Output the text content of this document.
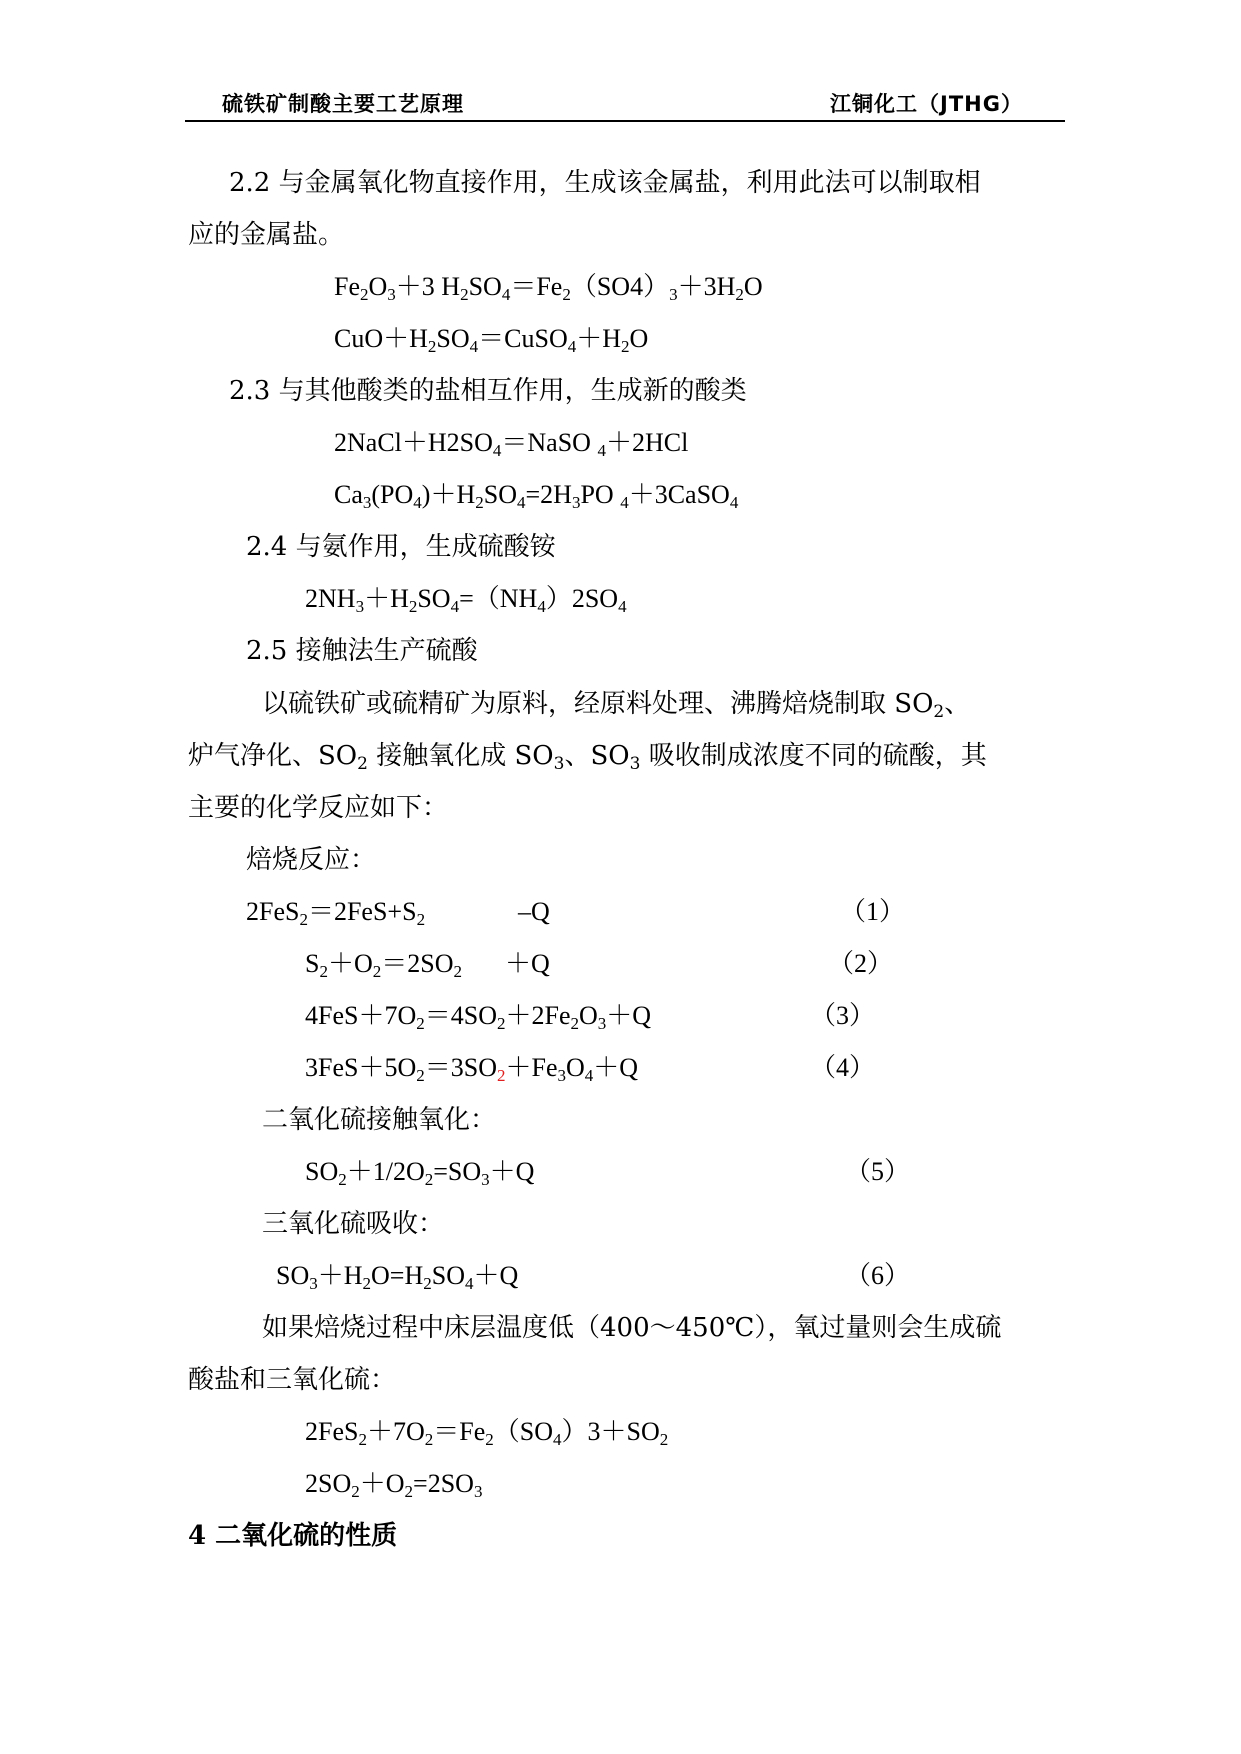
硫铁矿制酸主要工艺原理	江铜化工（JTHG）
2.2 与金属氧化物直接作用，生成该金属盐，利用此法可以制取相
应的金属盐。
$Fe_2O_3+3$ $H_2SO_4=Fe_2(SO4)_3+3H_2O$
$CuO+H_2SO_4=CuSO_4+H_2O$
2.3 与其他酸类的盐相互作用，生成新的酸类
$2NaCl+H2SO_4=NaSO$ $_4$＋2HCl
$Ca_3(PO_4)+H_2SO_4=2H_3PO$ $_4$＋3CaSO$_4$
2.4 与氨作用，生成硫酸铵
$2NH_3+H_2SO_4=(NH_4)2SO_4$
2.5 接触法生产硫酸
以硫铁矿或硫精矿为原料，经原料处理、沸腾焙烧制取 $SO_2$、
炉气净化、$SO_2$ 接触氧化成 $SO_3$、$SO_3$ 吸收制成浓度不同的硫酸，其
主要的化学反应如下：
焙烧反应：
$2FeS_2=2FeS+S_2$	–Q	（1）
$S_2+O_2=2SO_2 +Q$	（2）
$4FeS+7O_2=4SO_2+2Fe_2O_3+Q$	（3）
$3FeS+5O_2=3SO_2+Fe_3O_4+Q$	（4）
二氧化硫接触氧化：
$SO_2+1/2O_2=SO_3+Q$	（5）
三氧化硫吸收：
$SO_3+H_2O=H_2SO_4+Q$	（6）
如果焙烧过程中床层温度低（400～450℃），氧过量则会生成硫
酸盐和三氧化硫：
$2FeS_2+7O_2=Fe_2(SO_4)3+SO_2$
$2SO_2+O_2=2SO_3$
4 二氧化硫的性质
